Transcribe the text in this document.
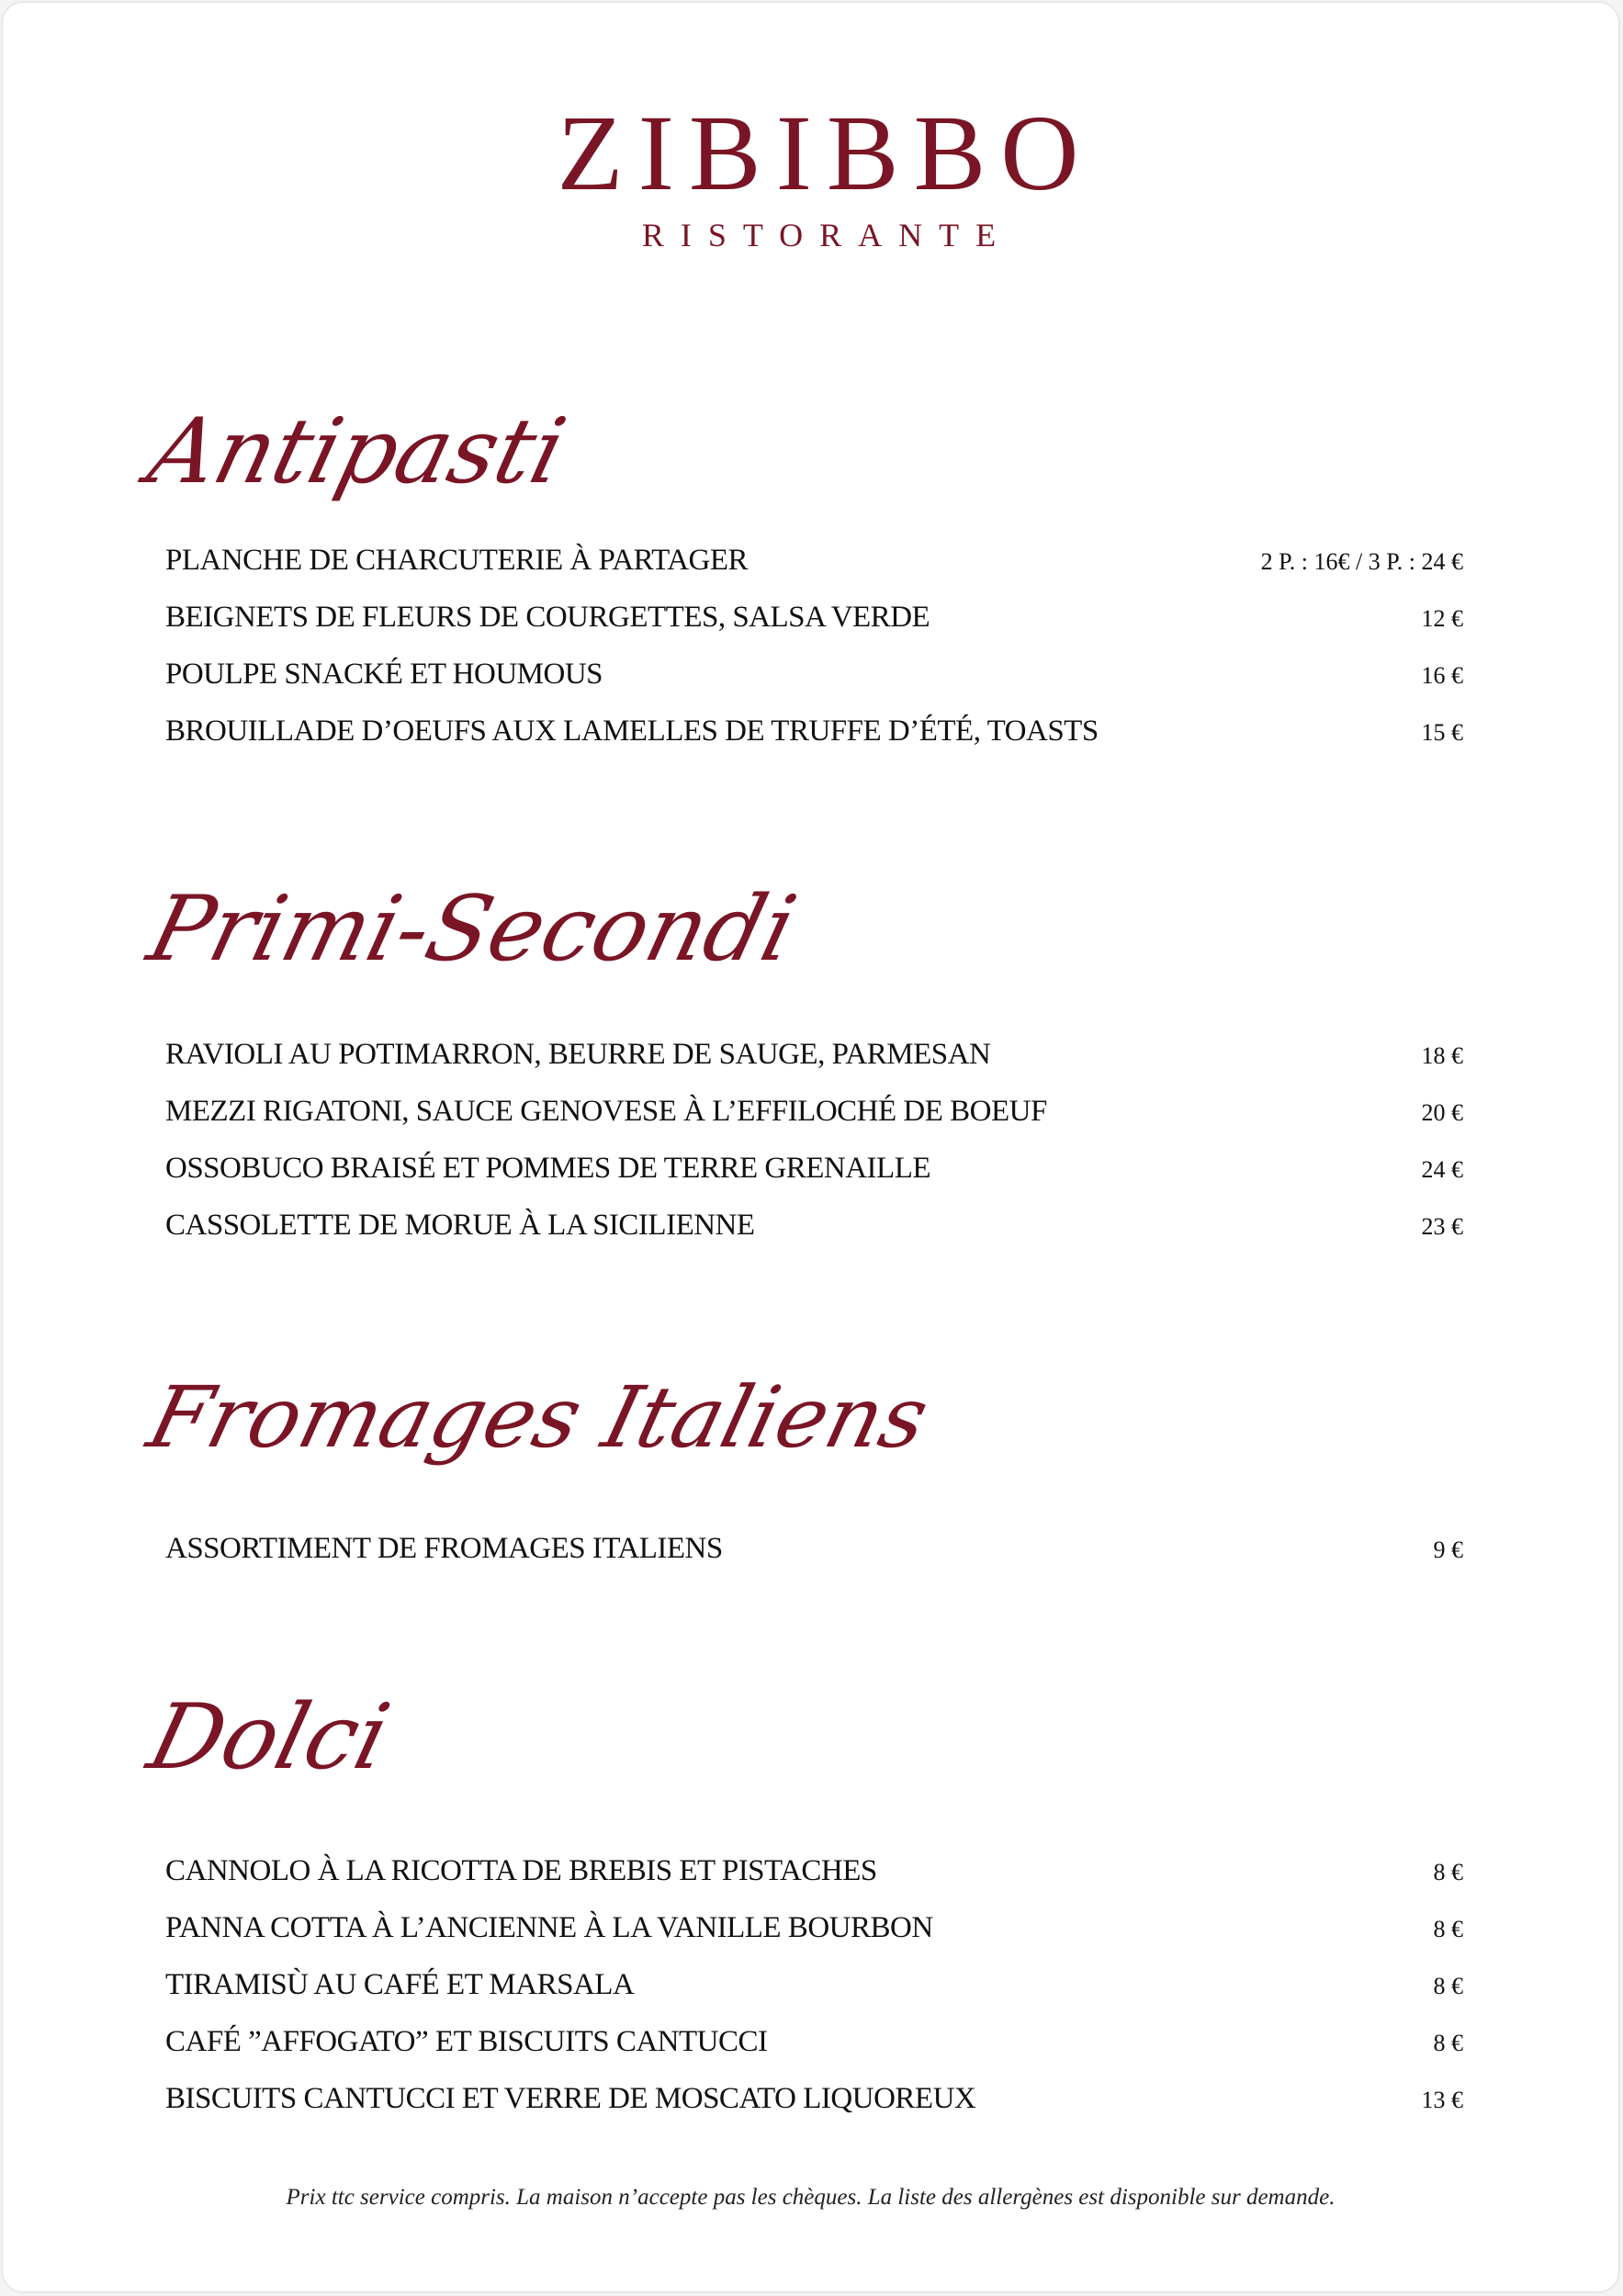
ZIBIBBO
RISTORANTE
Antipasti
PLANCHE DE CHARCUTERIE À PARTAGER	2 P. : 16€ / 3 P. : 24 €
BEIGNETS DE FLEURS DE COURGETTES, SALSA VERDE	12 €
POULPE SNACKÉ ET HOUMOUS	16 €
BROUILLADE D’OEUFS AUX LAMELLES DE TRUFFE D’ÉTÉ, TOASTS	15 €
Primi-Secondi
RAVIOLI AU POTIMARRON, BEURRE DE SAUGE, PARMESAN	18 €
MEZZI RIGATONI, SAUCE GENOVESE À L’EFFILOCHÉ DE BOEUF	20 €
OSSOBUCO BRAISÉ ET POMMES DE TERRE GRENAILLE	24 €
CASSOLETTE DE MORUE À LA SICILIENNE	23 €
Fromages Italiens
ASSORTIMENT DE FROMAGES ITALIENS	9 €
Dolci
CANNOLO À LA RICOTTA DE BREBIS ET PISTACHES	8 €
PANNA COTTA À L’ANCIENNE À LA VANILLE BOURBON	8 €
TIRAMISÙ AU CAFÉ ET MARSALA	8 €
CAFÉ ”AFFOGATO” ET BISCUITS CANTUCCI	8 €
BISCUITS CANTUCCI ET VERRE DE MOSCATO LIQUOREUX	13 €
Prix ttc service compris. La maison n’accepte pas les chèques. La liste des allergènes est disponible sur demande.
